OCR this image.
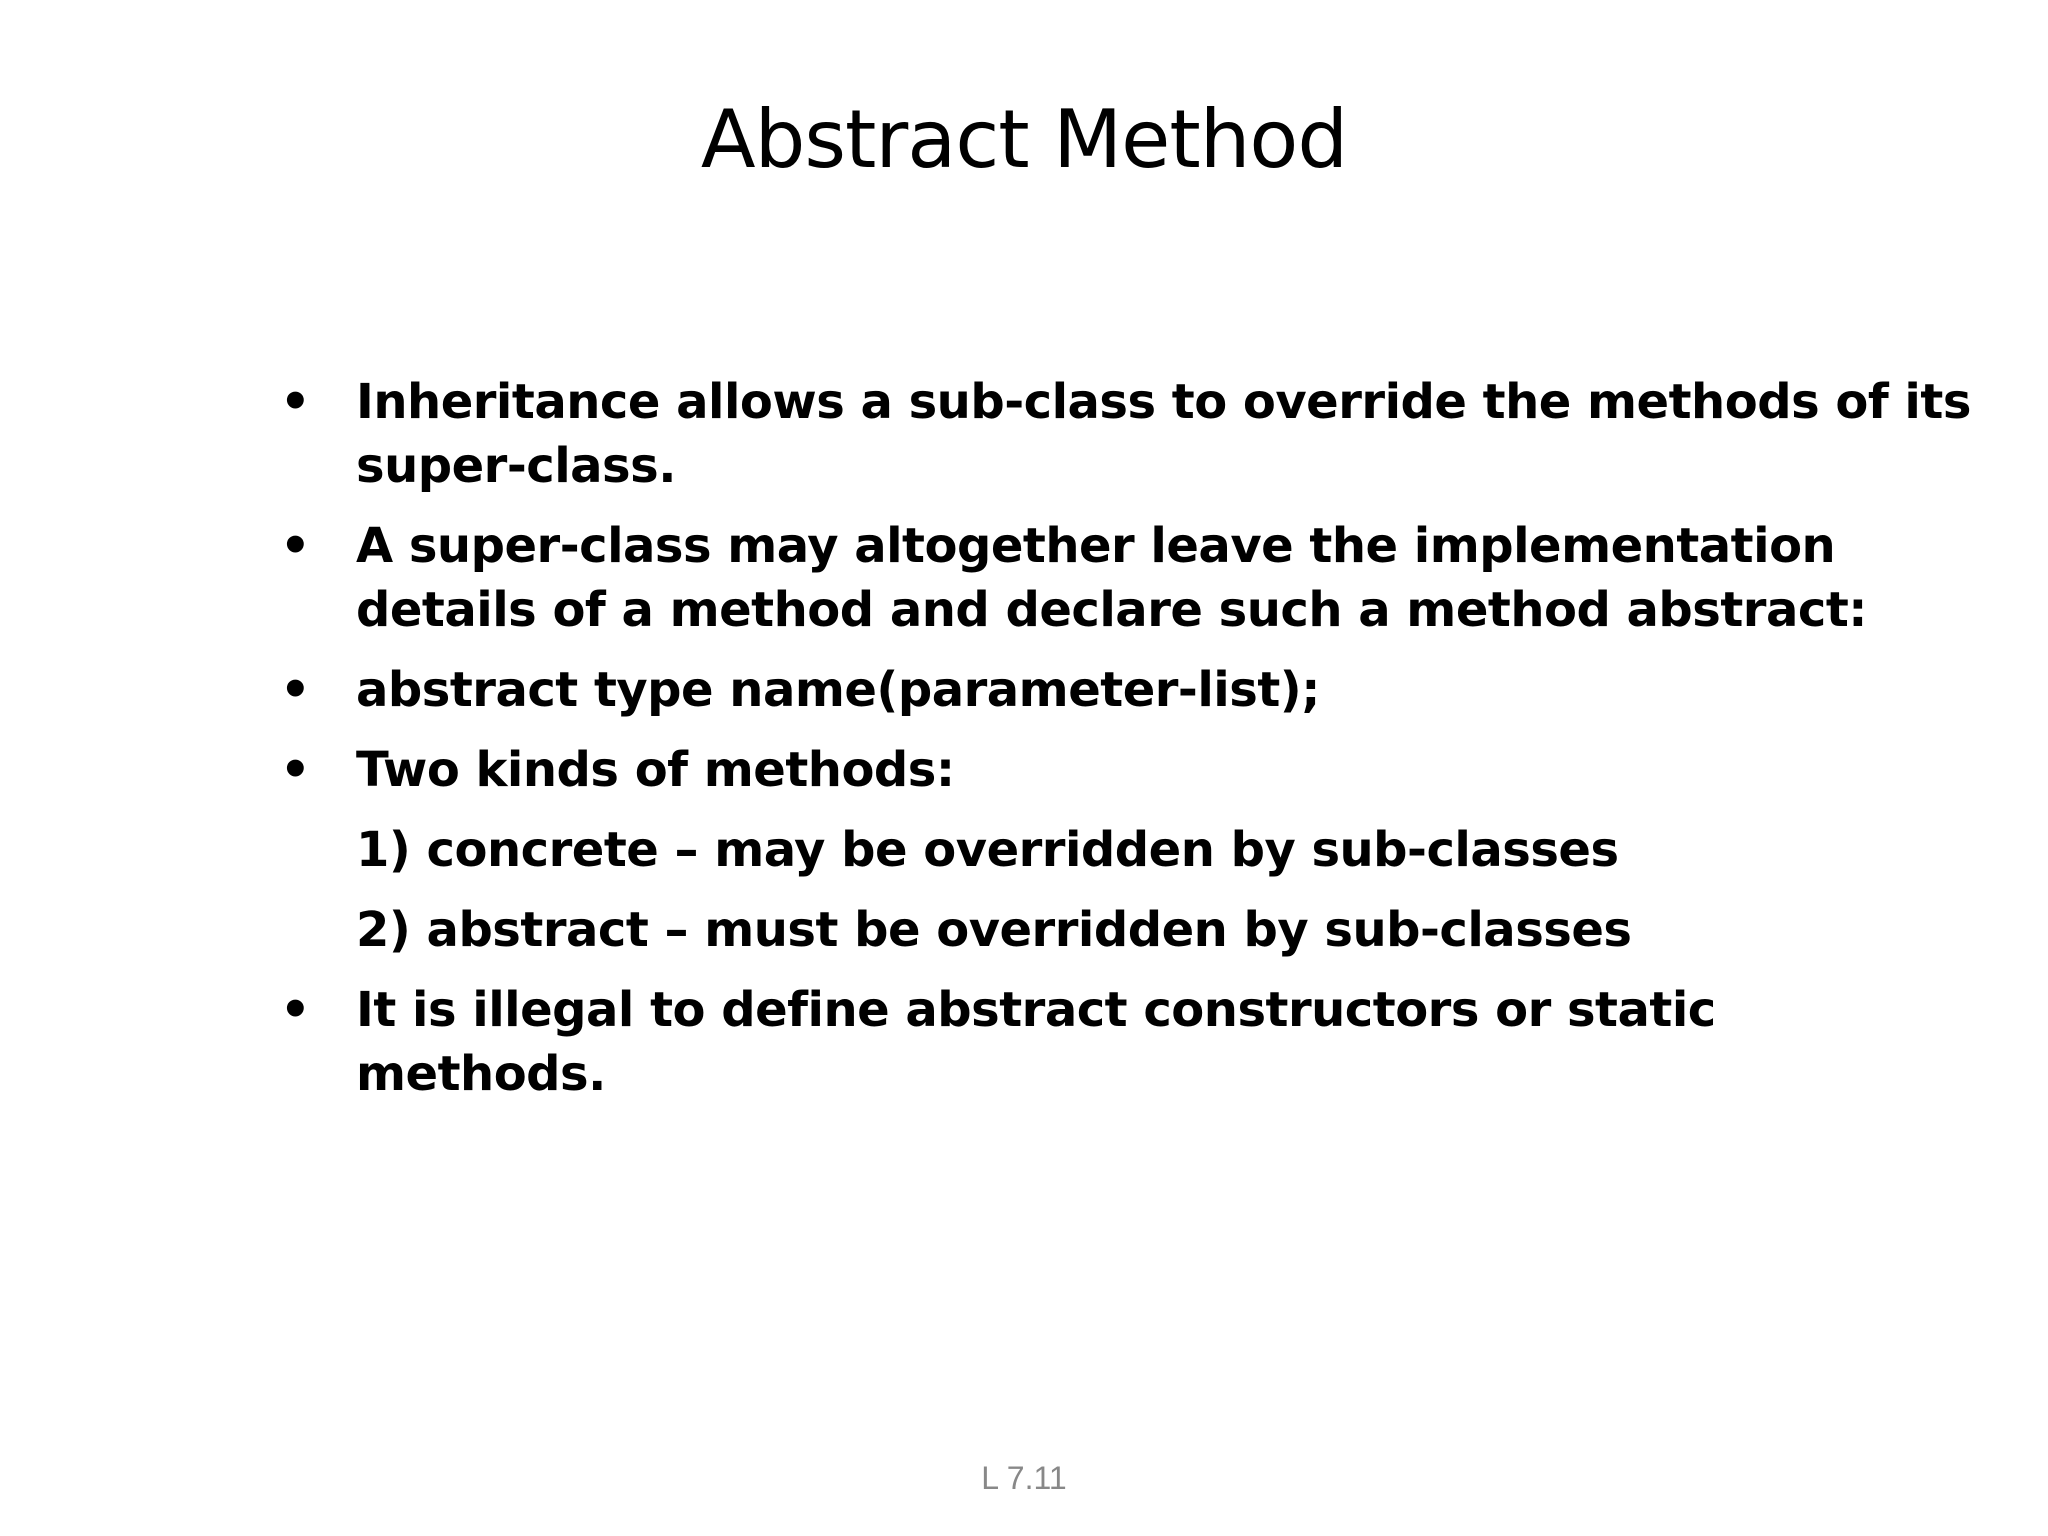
Abstract Method
• Inheritance allows a sub-class to override the methods of its super-class.
• A super-class may altogether leave the implementation details of a method and declare such a method abstract:
• abstract type name(parameter-list);
• Two kinds of methods:
1) concrete – may be overridden by sub-classes
2) abstract – must be overridden by sub-classes
• It is illegal to define abstract constructors or static methods.
L 7.11
